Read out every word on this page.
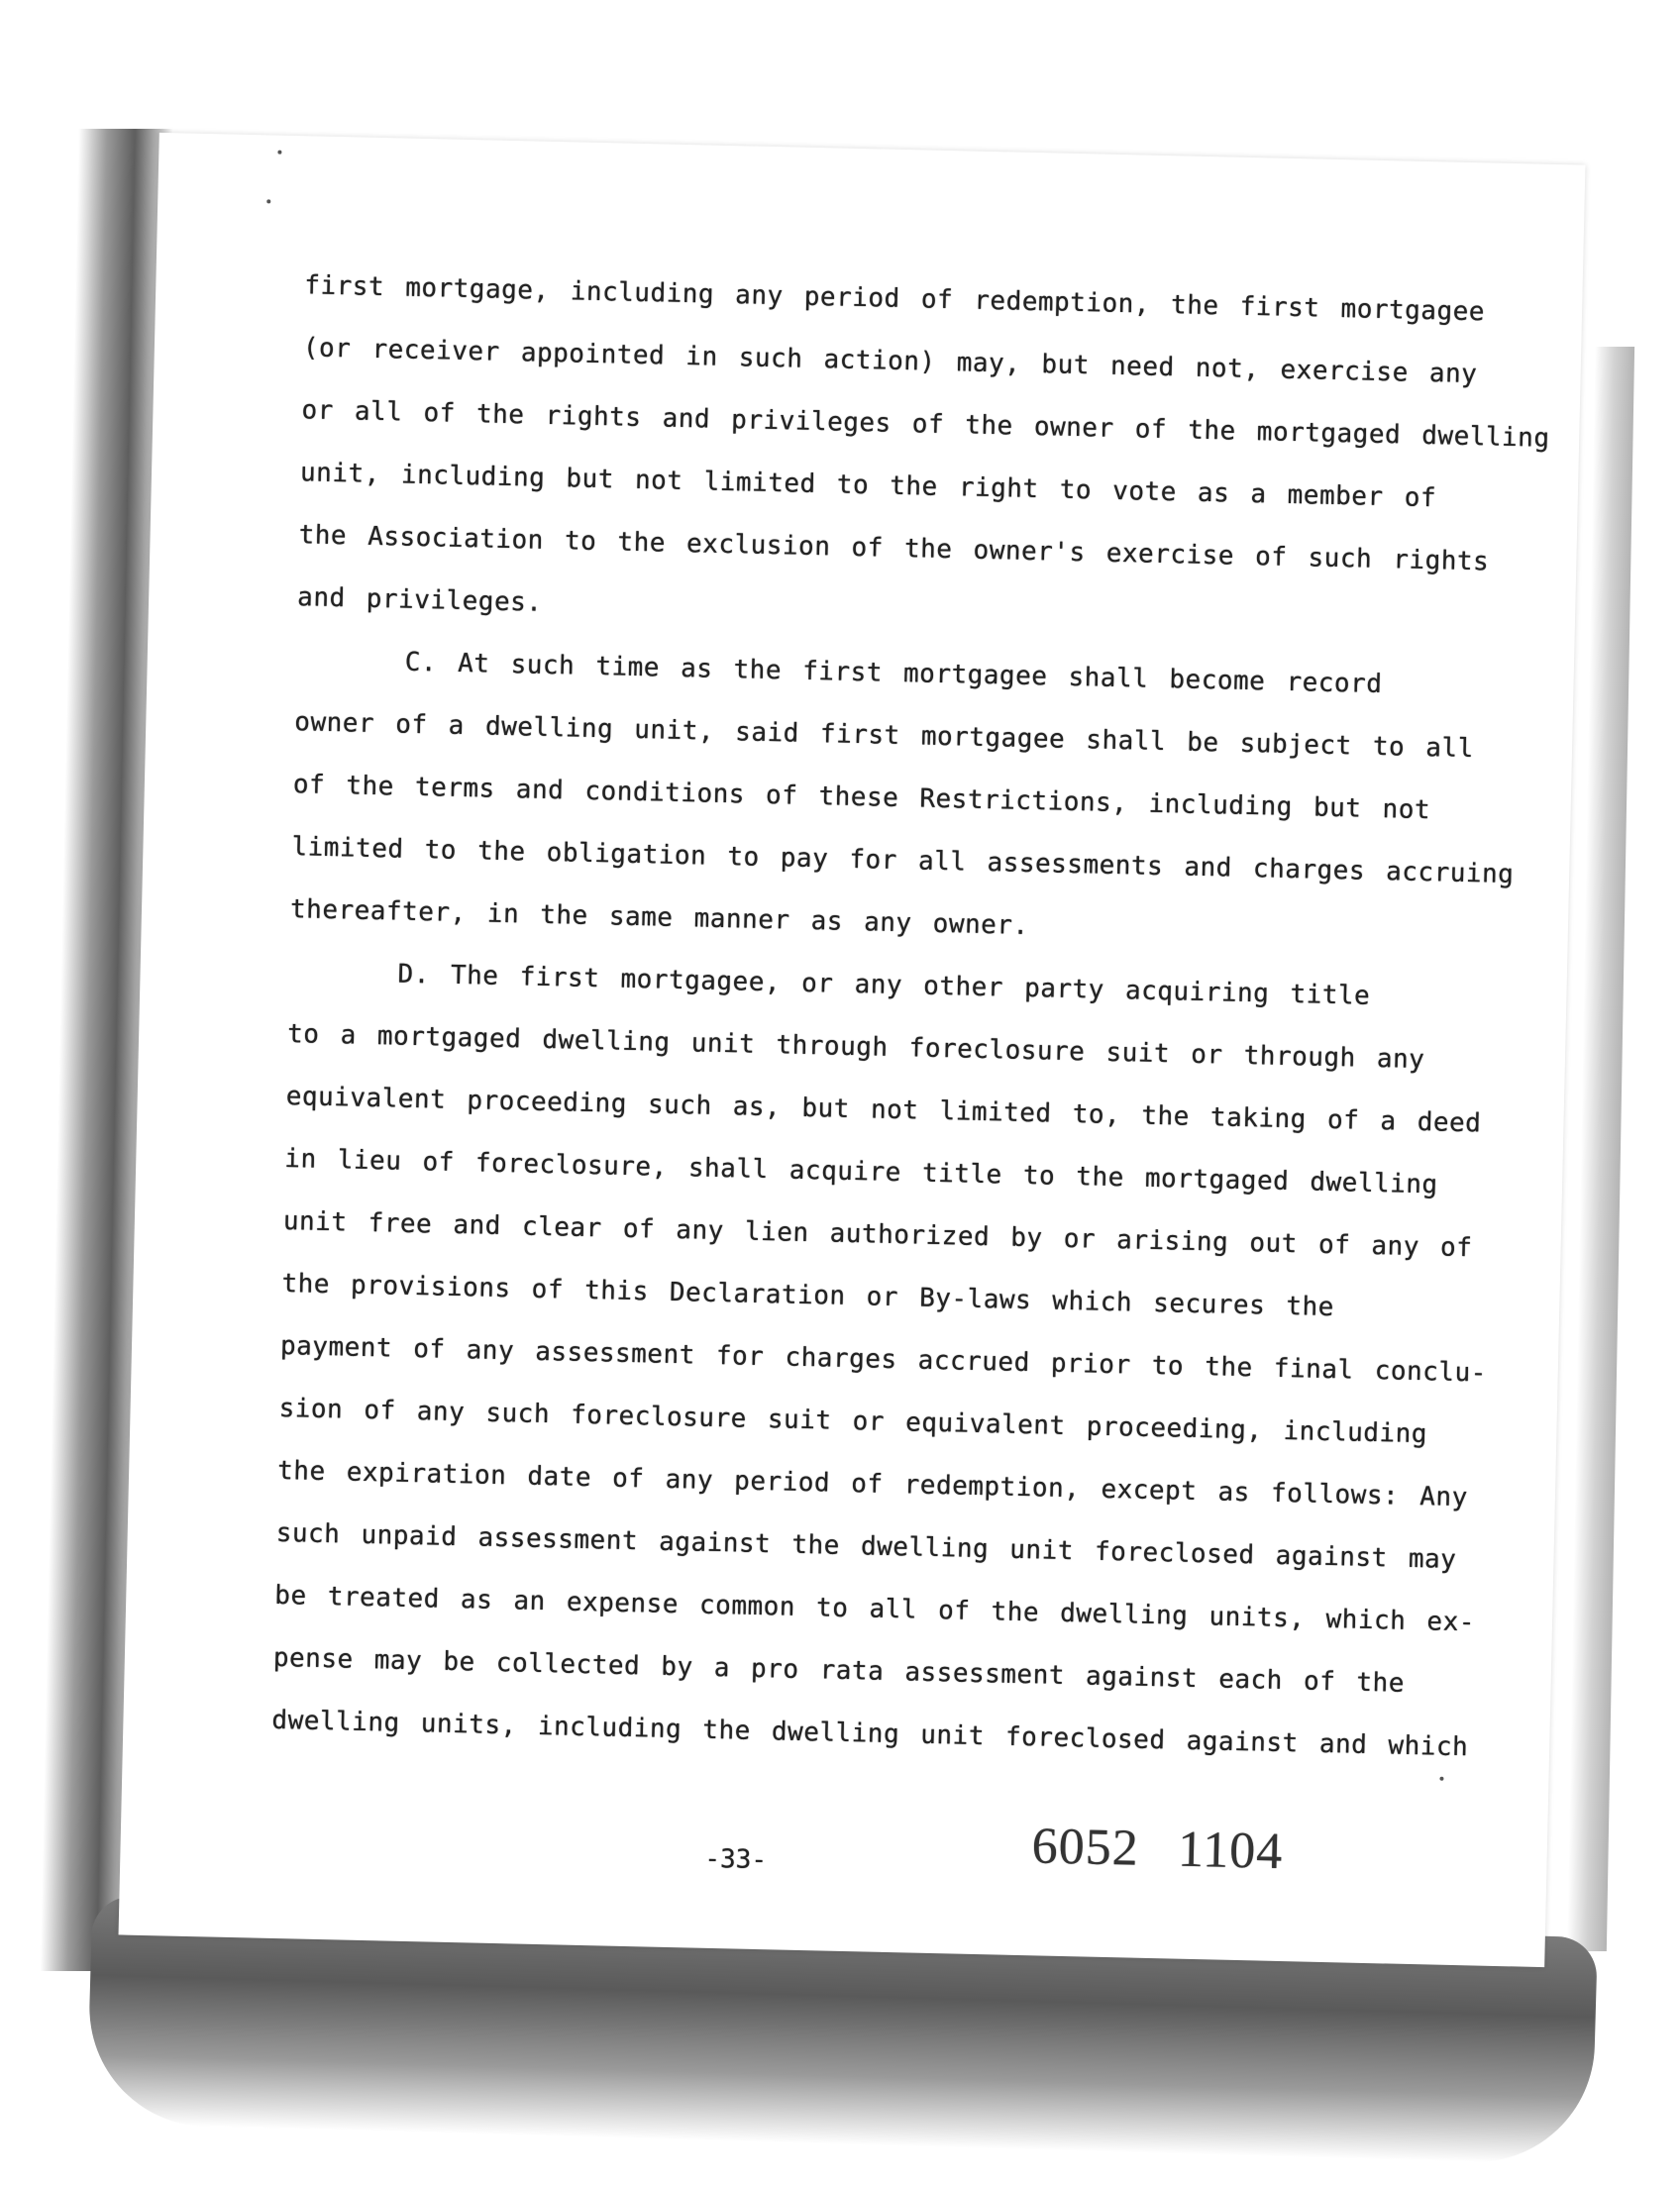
first mortgage, including any period of redemption, the first mortgagee
(or receiver appointed in such action) may, but need not, exercise any
or all of the rights and privileges of the owner of the mortgaged dwelling
unit, including but not limited to the right to vote as a member of
the Association to the exclusion of the owner's exercise of such rights
and privileges.

C. At such time as the first mortgagee shall become record
owner of a dwelling unit, said first mortgagee shall be subject to all
of the terms and conditions of these Restrictions, including but not
limited to the obligation to pay for all assessments and charges accruing
thereafter, in the same manner as any owner.

D. The first mortgagee, or any other party acquiring title
to a mortgaged dwelling unit through foreclosure suit or through any
equivalent proceeding such as, but not limited to, the taking of a deed
in lieu of foreclosure, shall acquire title to the mortgaged dwelling
unit free and clear of any lien authorized by or arising out of any of
the provisions of this Declaration or By-laws which secures the
payment of any assessment for charges accrued prior to the final conclu-
sion of any such foreclosure suit or equivalent proceeding, including
the expiration date of any period of redemption, except as follows: Any
such unpaid assessment against the dwelling unit foreclosed against may
be treated as an expense common to all of the dwelling units, which ex-
pense may be collected by a pro rata assessment against each of the
dwelling units, including the dwelling unit foreclosed against and which

-33-	6052   1104
